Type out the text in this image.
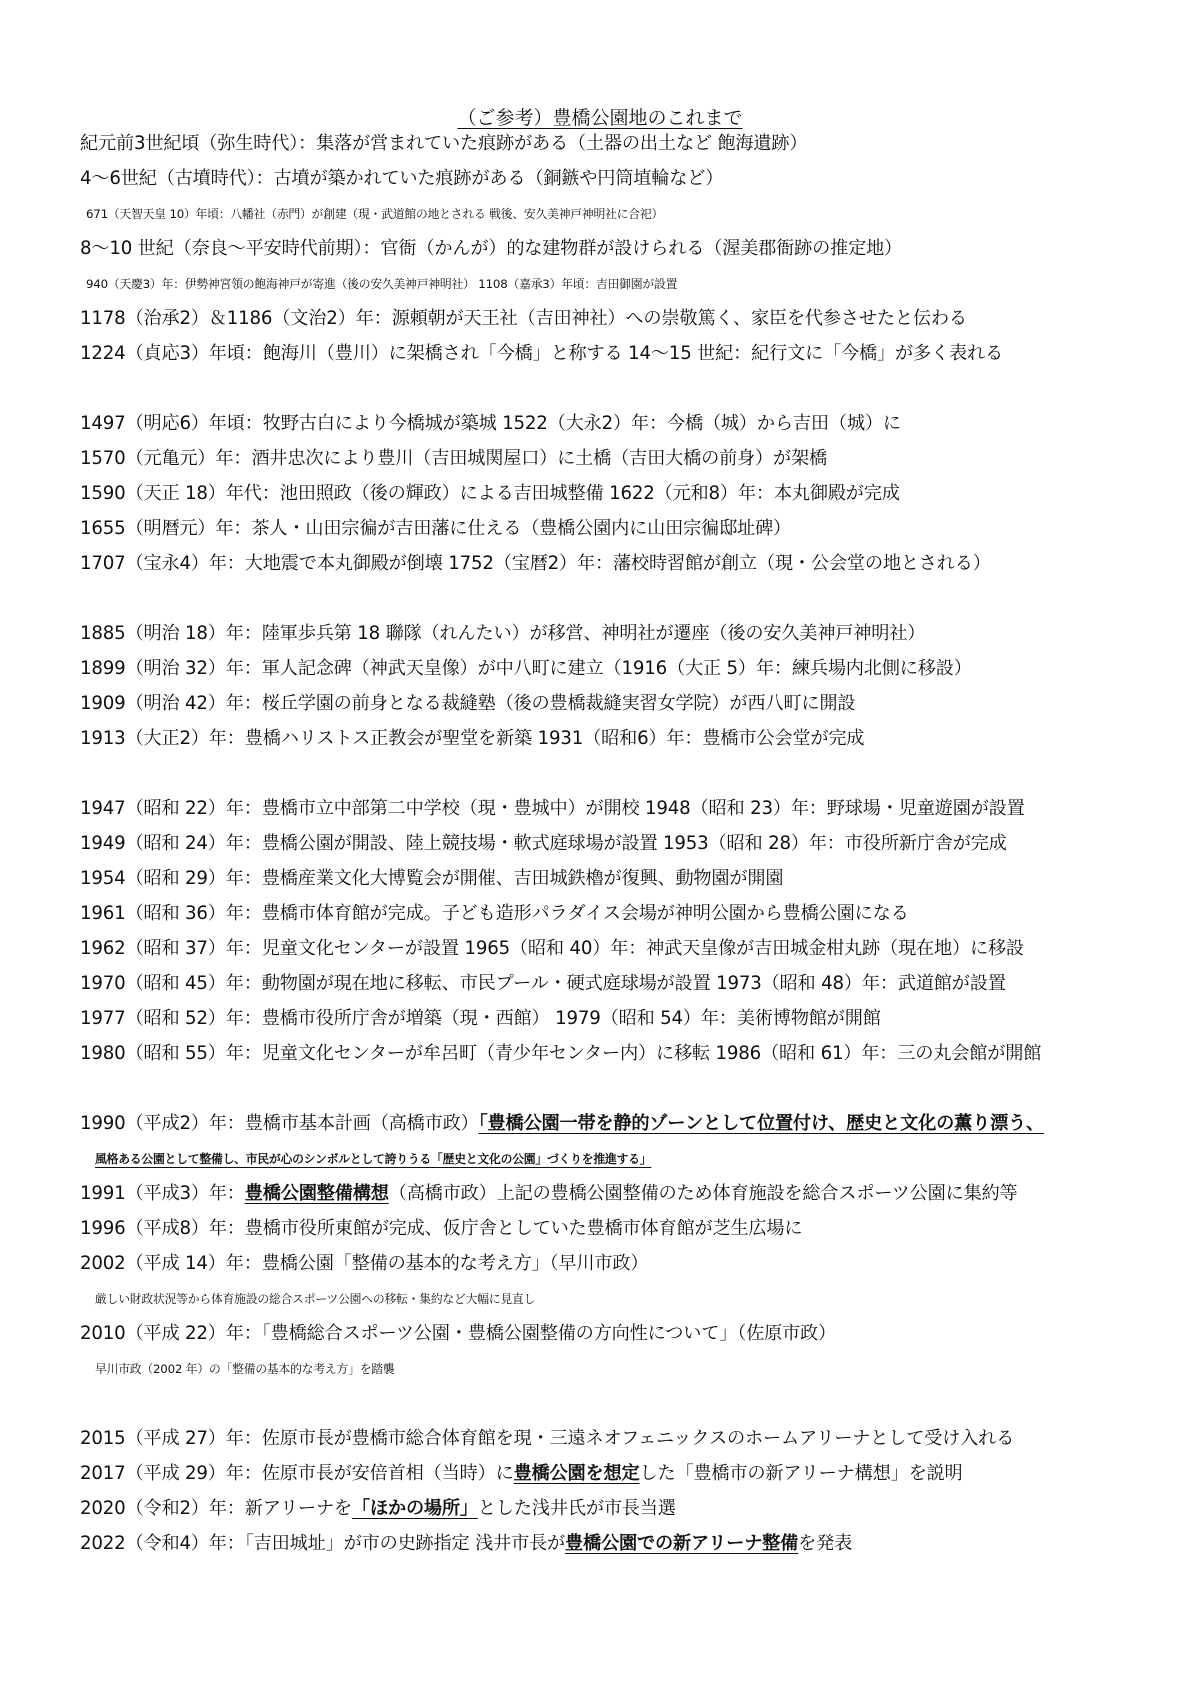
（ご参考）豊橋公園地のこれまで
紀元前3世紀頃（弥生時代）：集落が営まれていた痕跡がある（土器の出土など 飽海遺跡）
4～6世紀（古墳時代）：古墳が築かれていた痕跡がある（銅鏃や円筒埴輪など）
671（天智天皇 10）年頃：八幡社（赤門）が創建（現・武道館の地とされる 戦後、安久美神戸神明社に合祀）
8～10 世紀（奈良～平安時代前期）：官衙（かんが）的な建物群が設けられる（渥美郡衙跡の推定地）
940（天慶3）年：伊勢神宮領の飽海神戸が寄進（後の安久美神戸神明社） 1108（嘉承3）年頃：吉田御園が設置
1178（治承2）＆1186（文治2）年：源頼朝が天王社（吉田神社）への崇敬篤く、家臣を代参させたと伝わる
1224（貞応3）年頃：飽海川（豊川）に架橋され「今橋」と称する 14～15 世紀：紀行文に「今橋」が多く表れる
1497（明応6）年頃：牧野古白により今橋城が築城 1522（大永2）年：今橋（城）から吉田（城）に
1570（元亀元）年：酒井忠次により豊川（吉田城関屋口）に土橋（吉田大橋の前身）が架橋
1590（天正 18）年代：池田照政（後の輝政）による吉田城整備 1622（元和8）年：本丸御殿が完成
1655（明暦元）年：茶人・山田宗徧が吉田藩に仕える（豊橋公園内に山田宗徧邸址碑）
1707（宝永4）年：大地震で本丸御殿が倒壊 1752（宝暦2）年：藩校時習館が創立（現・公会堂の地とされる）
1885（明治 18）年：陸軍歩兵第 18 聯隊（れんたい）が移営、神明社が遷座（後の安久美神戸神明社）
1899（明治 32）年：軍人記念碑（神武天皇像）が中八町に建立（1916（大正 5）年：練兵場内北側に移設）
1909（明治 42）年：桜丘学園の前身となる裁縫塾（後の豊橋裁縫実習女学院）が西八町に開設
1913（大正2）年：豊橋ハリストス正教会が聖堂を新築 1931（昭和6）年：豊橋市公会堂が完成
1947（昭和 22）年：豊橋市立中部第二中学校（現・豊城中）が開校 1948（昭和 23）年：野球場・児童遊園が設置
1949（昭和 24）年：豊橋公園が開設、陸上競技場・軟式庭球場が設置 1953（昭和 28）年：市役所新庁舎が完成
1954（昭和 29）年：豊橋産業文化大博覧会が開催、吉田城鉄櫓が復興、動物園が開園
1961（昭和 36）年：豊橋市体育館が完成。子ども造形パラダイス会場が神明公園から豊橋公園になる
1962（昭和 37）年：児童文化センターが設置 1965（昭和 40）年：神武天皇像が吉田城金柑丸跡（現在地）に移設
1970（昭和 45）年：動物園が現在地に移転、市民プール・硬式庭球場が設置 1973（昭和 48）年：武道館が設置
1977（昭和 52）年：豊橋市役所庁舎が増築（現・西館） 1979（昭和 54）年：美術博物館が開館
1980（昭和 55）年：児童文化センターが牟呂町（青少年センター内）に移転 1986（昭和 61）年：三の丸会館が開館
1990（平成2）年：豊橋市基本計画（高橋市政）「豊橋公園一帯を静的ゾーンとして位置付け、歴史と文化の薫り漂う、
風格ある公園として整備し、市民が心のシンボルとして誇りうる「歴史と文化の公園」づくりを推進する」
1991（平成3）年：豊橋公園整備構想（高橋市政）上記の豊橋公園整備のため体育施設を総合スポーツ公園に集約等
1996（平成8）年：豊橋市役所東館が完成、仮庁舎としていた豊橋市体育館が芝生広場に
2002（平成 14）年：豊橋公園「整備の基本的な考え方」（早川市政）
厳しい財政状況等から体育施設の総合スポーツ公園への移転・集約など大幅に見直し
2010（平成 22）年：「豊橋総合スポーツ公園・豊橋公園整備の方向性について」（佐原市政）
早川市政（2002 年）の「整備の基本的な考え方」を踏襲
2015（平成 27）年：佐原市長が豊橋市総合体育館を現・三遠ネオフェニックスのホームアリーナとして受け入れる
2017（平成 29）年：佐原市長が安倍首相（当時）に豊橋公園を想定した「豊橋市の新アリーナ構想」を説明
2020（令和2）年：新アリーナを「ほかの場所」とした浅井氏が市長当選
2022（令和4）年：「吉田城址」が市の史跡指定 浅井市長が豊橋公園での新アリーナ整備を発表
